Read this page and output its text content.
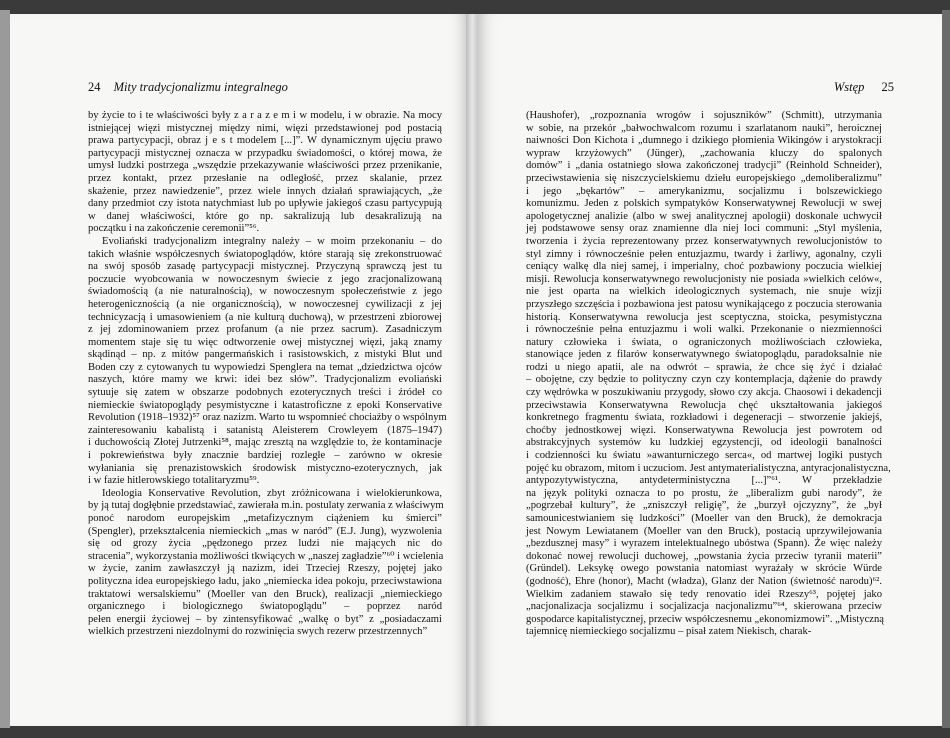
24 Mity tradycjonalizmu integralnego
by życie to i te właściwości były z a r a z e m i w modelu, i w obrazie. Na mocy
istniejącej więzi mistycznej między nimi, więzi przedstawionej pod postacią
prawa partycypacji, obraz j e s t modelem [...]”. W dynamicznym ujęciu prawo
partycypacji mistycznej oznacza w przypadku świadomości, o której mowa, że
umysł ludzki postrzega „wszędzie przekazywanie właściwości przez przenikanie,
przez kontakt, przez przesłanie na odległość, przez skalanie, przez
skażenie, przez nawiedzenie”, przez wiele innych działań sprawiających, „że
dany przedmiot czy istota natychmiast lub po upływie jakiegoś czasu partycypują
w danej właściwości, które go np. sakralizują lub desakralizują na
początku i na zakończenie ceremonii”⁵⁶.
Evoliański tradycjonalizm integralny należy – w moim przekonaniu – do
takich właśnie współczesnych światopoglądów, które starają się zrekonstruować
na swój sposób zasadę partycypacji mistycznej. Przyczyną sprawczą jest tu
poczucie wyobcowania w nowoczesnym świecie z jego zracjonalizowaną
świadomością (a nie naturalnością), w nowoczesnym społeczeństwie z jego
heterogenicznością (a nie organicznością), w nowoczesnej cywilizacji z jej
technicyzacją i umasowieniem (a nie kulturą duchową), w przestrzeni zbiorowej
z jej zdominowaniem przez profanum (a nie przez sacrum). Zasadniczym
momentem staje się tu więc odtworzenie owej mistycznej więzi, jaką znamy
skądinąd – np. z mitów pangermańskich i rasistowskich, z mistyki Blut und
Boden czy z cytowanych tu wypowiedzi Spenglera na temat „dziedzictwa ojców
naszych, które mamy we krwi: idei bez słów”. Tradycjonalizm evoliański
sytuuje się zatem w obszarze podobnych ezoterycznych treści i źródeł co
niemieckie światopoglądy pesymistyczne i katastroficzne z epoki Konservative
Revolution (1918–1932)⁵⁷ oraz nazizm. Warto tu wspomnieć chociażby o wspólnym
zainteresowaniu kabalistą i satanistą Aleisterem Crowleyem (1875–1947)
i duchowością Złotej Jutrzenki⁵⁸, mając zresztą na względzie to, że kontaminacje
i pokrewieństwa były znacznie bardziej rozległe – zarówno w okresie
wyłaniania się prenazistowskich środowisk mistyczno-ezoterycznych, jak
i w fazie hitlerowskiego totalitaryzmu⁵⁹.
Ideologia Konservative Revolution, zbyt zróżnicowana i wielokierunkowa,
by ją tutaj dogłębnie przedstawiać, zawierała m.in. postulaty zerwania z właściwym
ponoć narodom europejskim „metafizycznym ciążeniem ku śmierci”
(Spengler), przekształcenia niemieckich „mas w naród” (E.J. Jung), wyzwolenia
się od grozy życia „pędzonego przez ludzi nie mających nic do
stracenia”, wykorzystania możliwości tkwiących w „naszej zagładzie”⁶⁰ i wcielenia
w życie, zanim zawłaszczył ją nazizm, idei Trzeciej Rzeszy, pojętej jako
polityczna idea europejskiego ładu, jako „niemiecka idea pokoju, przeciwstawiona
traktatowi wersalskiemu” (Moeller van den Bruck), realizacji „niemieckiego
organicznego i biologicznego światopoglądu” – poprzez naród
pełen energii życiowej – by zintensyfikować „walkę o byt” z „posiadaczami
wielkich przestrzeni niezdolnymi do rozwinięcia swych rezerw przestrzennych”
Wstęp 25
(Haushofer), „rozpoznania wrogów i sojuszników” (Schmitt), utrzymania
w sobie, na przekór „bałwochwalcom rozumu i szarlatanom nauki”, heroicznej
naiwności Don Kichota i „dumnego i dzikiego płomienia Wikingów i arystokracji
wypraw krzyżowych” (Jünger), „zachowania kluczy do spalonych
domów” i „dania ostatniego słowa zakończonej tradycji” (Reinhold Schneider),
przeciwstawienia się niszczycielskiemu dziełu europejskiego „demoliberalizmu”
i jego „bękartów” – amerykanizmu, socjalizmu i bolszewickiego
komunizmu. Jeden z polskich sympatyków Konserwatywnej Rewolucji w swej
apologetycznej analizie (albo w swej analitycznej apologii) doskonale uchwycił
jej podstawowe sensy oraz znamienne dla niej loci communi: „Styl myślenia,
tworzenia i życia reprezentowany przez konserwatywnych rewolucjonistów to
styl zimny i równocześnie pełen entuzjazmu, twardy i żarliwy, agonalny, czyli
ceniący walkę dla niej samej, i imperialny, choć pozbawiony poczucia wielkiej
misji. Rewolucja konserwatywnego rewolucjonisty nie posiada »wielkich celów«,
nie jest oparta na wielkich ideologicznych systemach, nie snuje wizji
przyszłego szczęścia i pozbawiona jest patosu wynikającego z poczucia sterowania
historią. Konserwatywna rewolucja jest sceptyczna, stoicka, pesymistyczna
i równocześnie pełna entuzjazmu i woli walki. Przekonanie o niezmienności
natury człowieka i świata, o ograniczonych możliwościach człowieka,
stanowiące jeden z filarów konserwatywnego światopoglądu, paradoksalnie nie
rodzi u niego apatii, ale na odwrót – sprawia, że chce się żyć i działać
– obojętne, czy będzie to polityczny czyn czy kontemplacja, dążenie do prawdy
czy wędrówka w poszukiwaniu przygody, słowo czy akcja. Chaosowi i dekadencji
przeciwstawia Konserwatywna Rewolucja chęć ukształtowania jakiegoś
konkretnego fragmentu świata, rozkładowi i degeneracji – stworzenie jakiejś,
choćby jednostkowej więzi. Konserwatywna Rewolucja jest powrotem od
abstrakcyjnych systemów ku ludzkiej egzystencji, od ideologii banalności
i codzienności ku światu »awanturniczego serca«, od martwej logiki pustych
pojęć ku obrazom, mitom i uczuciom. Jest antymaterialistyczna, antyracjonalistyczna,
antypozytywistyczna, antydeterministyczna [...]”⁶¹. W przekładzie
na język polityki oznacza to po prostu, że „liberalizm gubi narody”, że
„pogrzebał kultury”, że „zniszczył religię”, że „burzył ojczyzny”, że „był
samounicestwianiem się ludzkości” (Moeller van den Bruck), że demokracja
jest Nowym Lewiatanem (Moeller van den Bruck), postacią uprzywilejowania
„bezdusznej masy” i wyrazem intelektualnego ubóstwa (Spann). Że więc należy
dokonać nowej rewolucji duchowej, „powstania życia przeciw tyranii materii”
(Gründel). Leksykę owego powstania natomiast wyrażały w skrócie Würde
(godność), Ehre (honor), Macht (władza), Glanz der Nation (świetność narodu)⁶².
Wielkim zadaniem stawało się tedy renovatio idei Rzeszy⁶³, pojętej jako
„nacjonalizacja socjalizmu i socjalizacja nacjonalizmu”⁶⁴, skierowana przeciw
gospodarce kapitalistycznej, przeciw współczesnemu „ekonomizmowi”. „Mistyczną
tajemnicę niemieckiego socjalizmu – pisał zatem Niekisch, charak-
